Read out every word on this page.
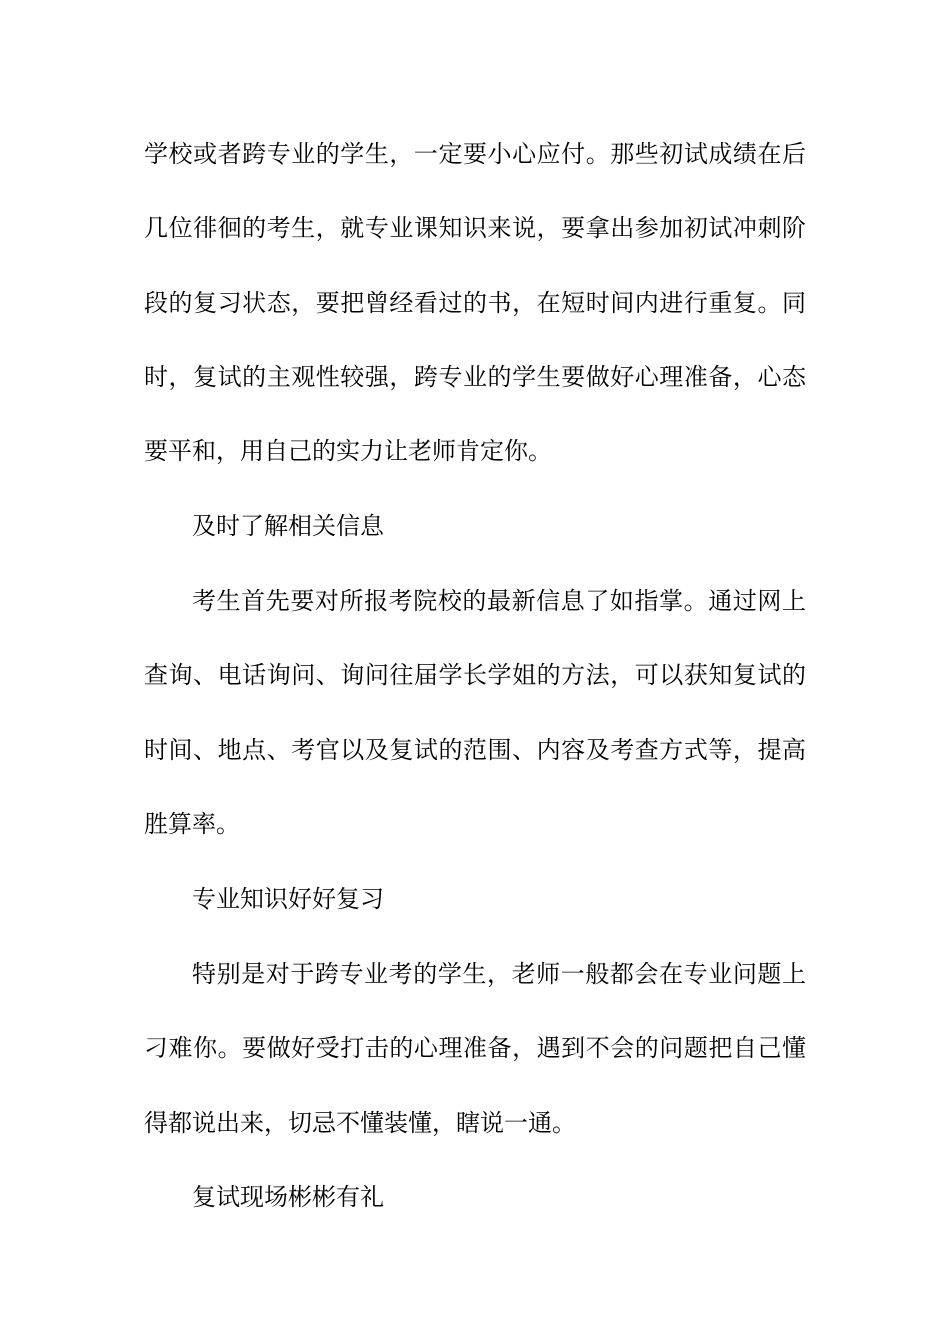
学校或者跨专业的学生，一定要小心应付。那些初试成绩在后
几位徘徊的考生，就专业课知识来说，要拿出参加初试冲刺阶
段的复习状态，要把曾经看过的书，在短时间内进行重复。同
时，复试的主观性较强，跨专业的学生要做好心理准备，心态
要平和，用自己的实力让老师肯定你。
及时了解相关信息
考生首先要对所报考院校的最新信息了如指掌。通过网上
查询、电话询问、询问往届学长学姐的方法，可以获知复试的
时间、地点、考官以及复试的范围、内容及考查方式等，提高
胜算率。
专业知识好好复习
特别是对于跨专业考的学生，老师一般都会在专业问题上
刁难你。要做好受打击的心理准备，遇到不会的问题把自己懂
得都说出来，切忌不懂装懂，瞎说一通。
复试现场彬彬有礼
